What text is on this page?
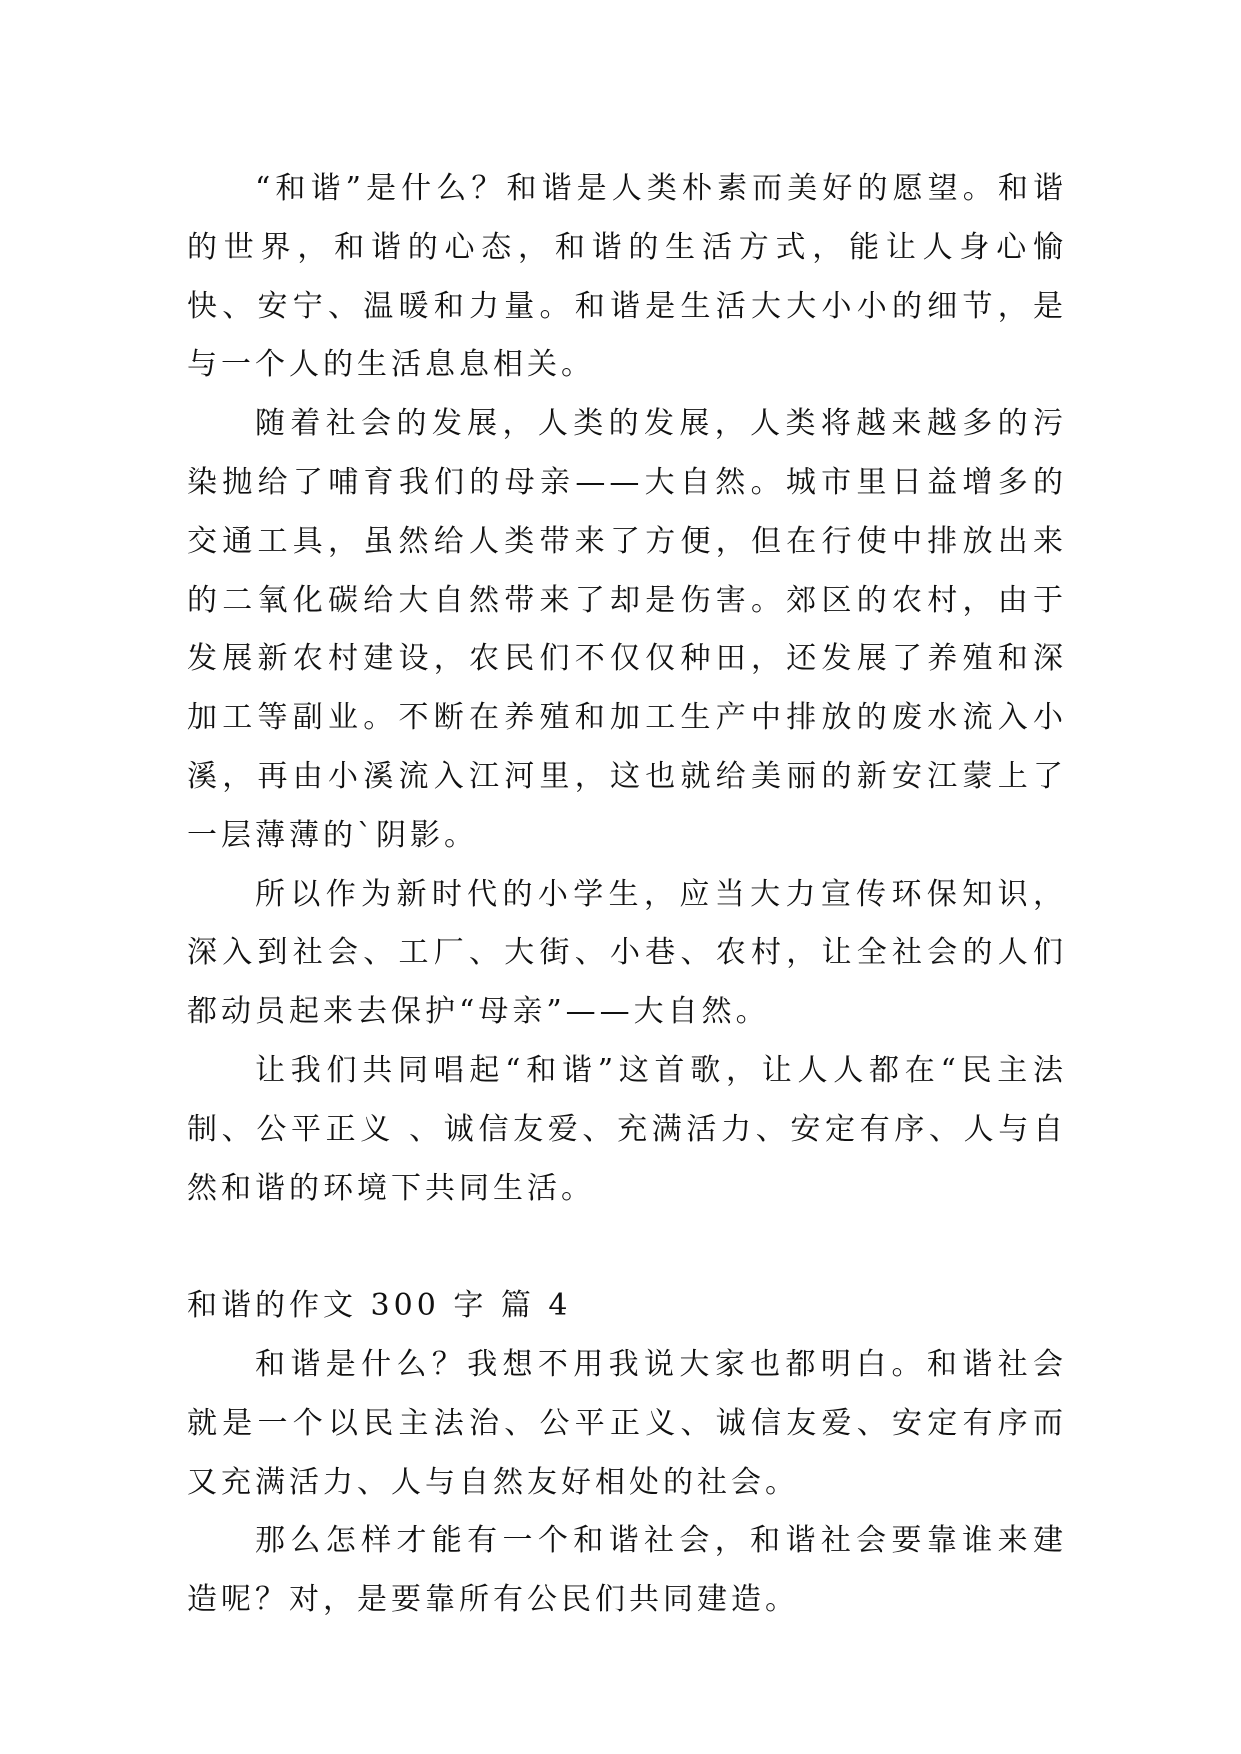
“和谐”是什么？和谐是人类朴素而美好的愿望。和谐的世界，和谐的心态，和谐的生活方式，能让人身心愉快、安宁、温暖和力量。和谐是生活大大小小的细节，是与一个人的生活息息相关。

随着社会的发展，人类的发展，人类将越来越多的污染抛给了哺育我们的母亲——大自然。城市里日益增多的交通工具，虽然给人类带来了方便，但在行使中排放出来的二氧化碳给大自然带来了却是伤害。郊区的农村，由于发展新农村建设，农民们不仅仅种田，还发展了养殖和深加工等副业。不断在养殖和加工生产中排放的废水流入小溪，再由小溪流入江河里，这也就给美丽的新安江蒙上了一层薄薄的`阴影。

所以作为新时代的小学生，应当大力宣传环保知识，深入到社会、工厂、大街、小巷、农村，让全社会的人们都动员起来去保护“母亲”——大自然。

让我们共同唱起“和谐”这首歌，让人人都在“民主法制、公平正义 、诚信友爱、充满活力、安定有序、人与自然和谐的环境下共同生活。

和谐的作文 300 字 篇 4

和谐是什么？我想不用我说大家也都明白。和谐社会就是一个以民主法治、公平正义、诚信友爱、安定有序而又充满活力、人与自然友好相处的社会。

那么怎样才能有一个和谐社会，和谐社会要靠谁来建造呢？对，是要靠所有公民们共同建造。
